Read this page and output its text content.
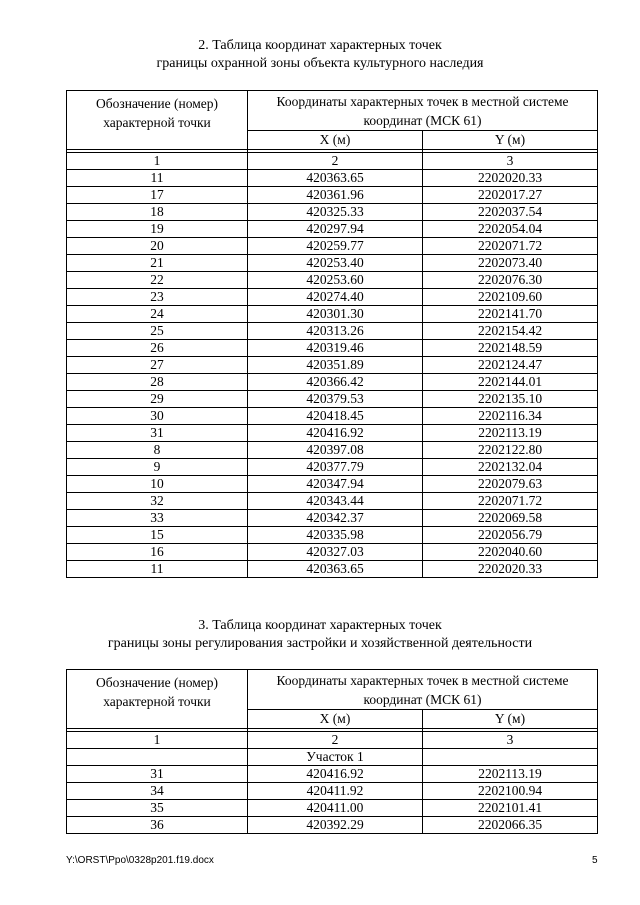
2. Таблица координат характерных точек
границы охранной зоны объекта культурного наследия
Обозначение (номер) характерной точки	Координаты характерных точек в местной системе координат (МСК 61)	
	X (м)	Y (м)

1	2	3
11	420363.65	2202020.33
17	420361.96	2202017.27
18	420325.33	2202037.54
19	420297.94	2202054.04
20	420259.77	2202071.72
21	420253.40	2202073.40
22	420253.60	2202076.30
23	420274.40	2202109.60
24	420301.30	2202141.70
25	420313.26	2202154.42
26	420319.46	2202148.59
27	420351.89	2202124.47
28	420366.42	2202144.01
29	420379.53	2202135.10
30	420418.45	2202116.34
31	420416.92	2202113.19
8	420397.08	2202122.80
9	420377.79	2202132.04
10	420347.94	2202079.63
32	420343.44	2202071.72
33	420342.37	2202069.58
15	420335.98	2202056.79
16	420327.03	2202040.60
11	420363.65	2202020.33
3. Таблица координат характерных точек
границы зоны регулирования застройки и хозяйственной деятельности
Обозначение (номер) характерной точки	Координаты характерных точек в местной системе координат (МСК 61)	
	X (м)	Y (м)

1	2	3
	Участок 1	
31	420416.92	2202113.19
34	420411.92	2202100.94
35	420411.00	2202101.41
36	420392.29	2202066.35
Y:\ORST\Ppo\0328p201.f19.docx	5
